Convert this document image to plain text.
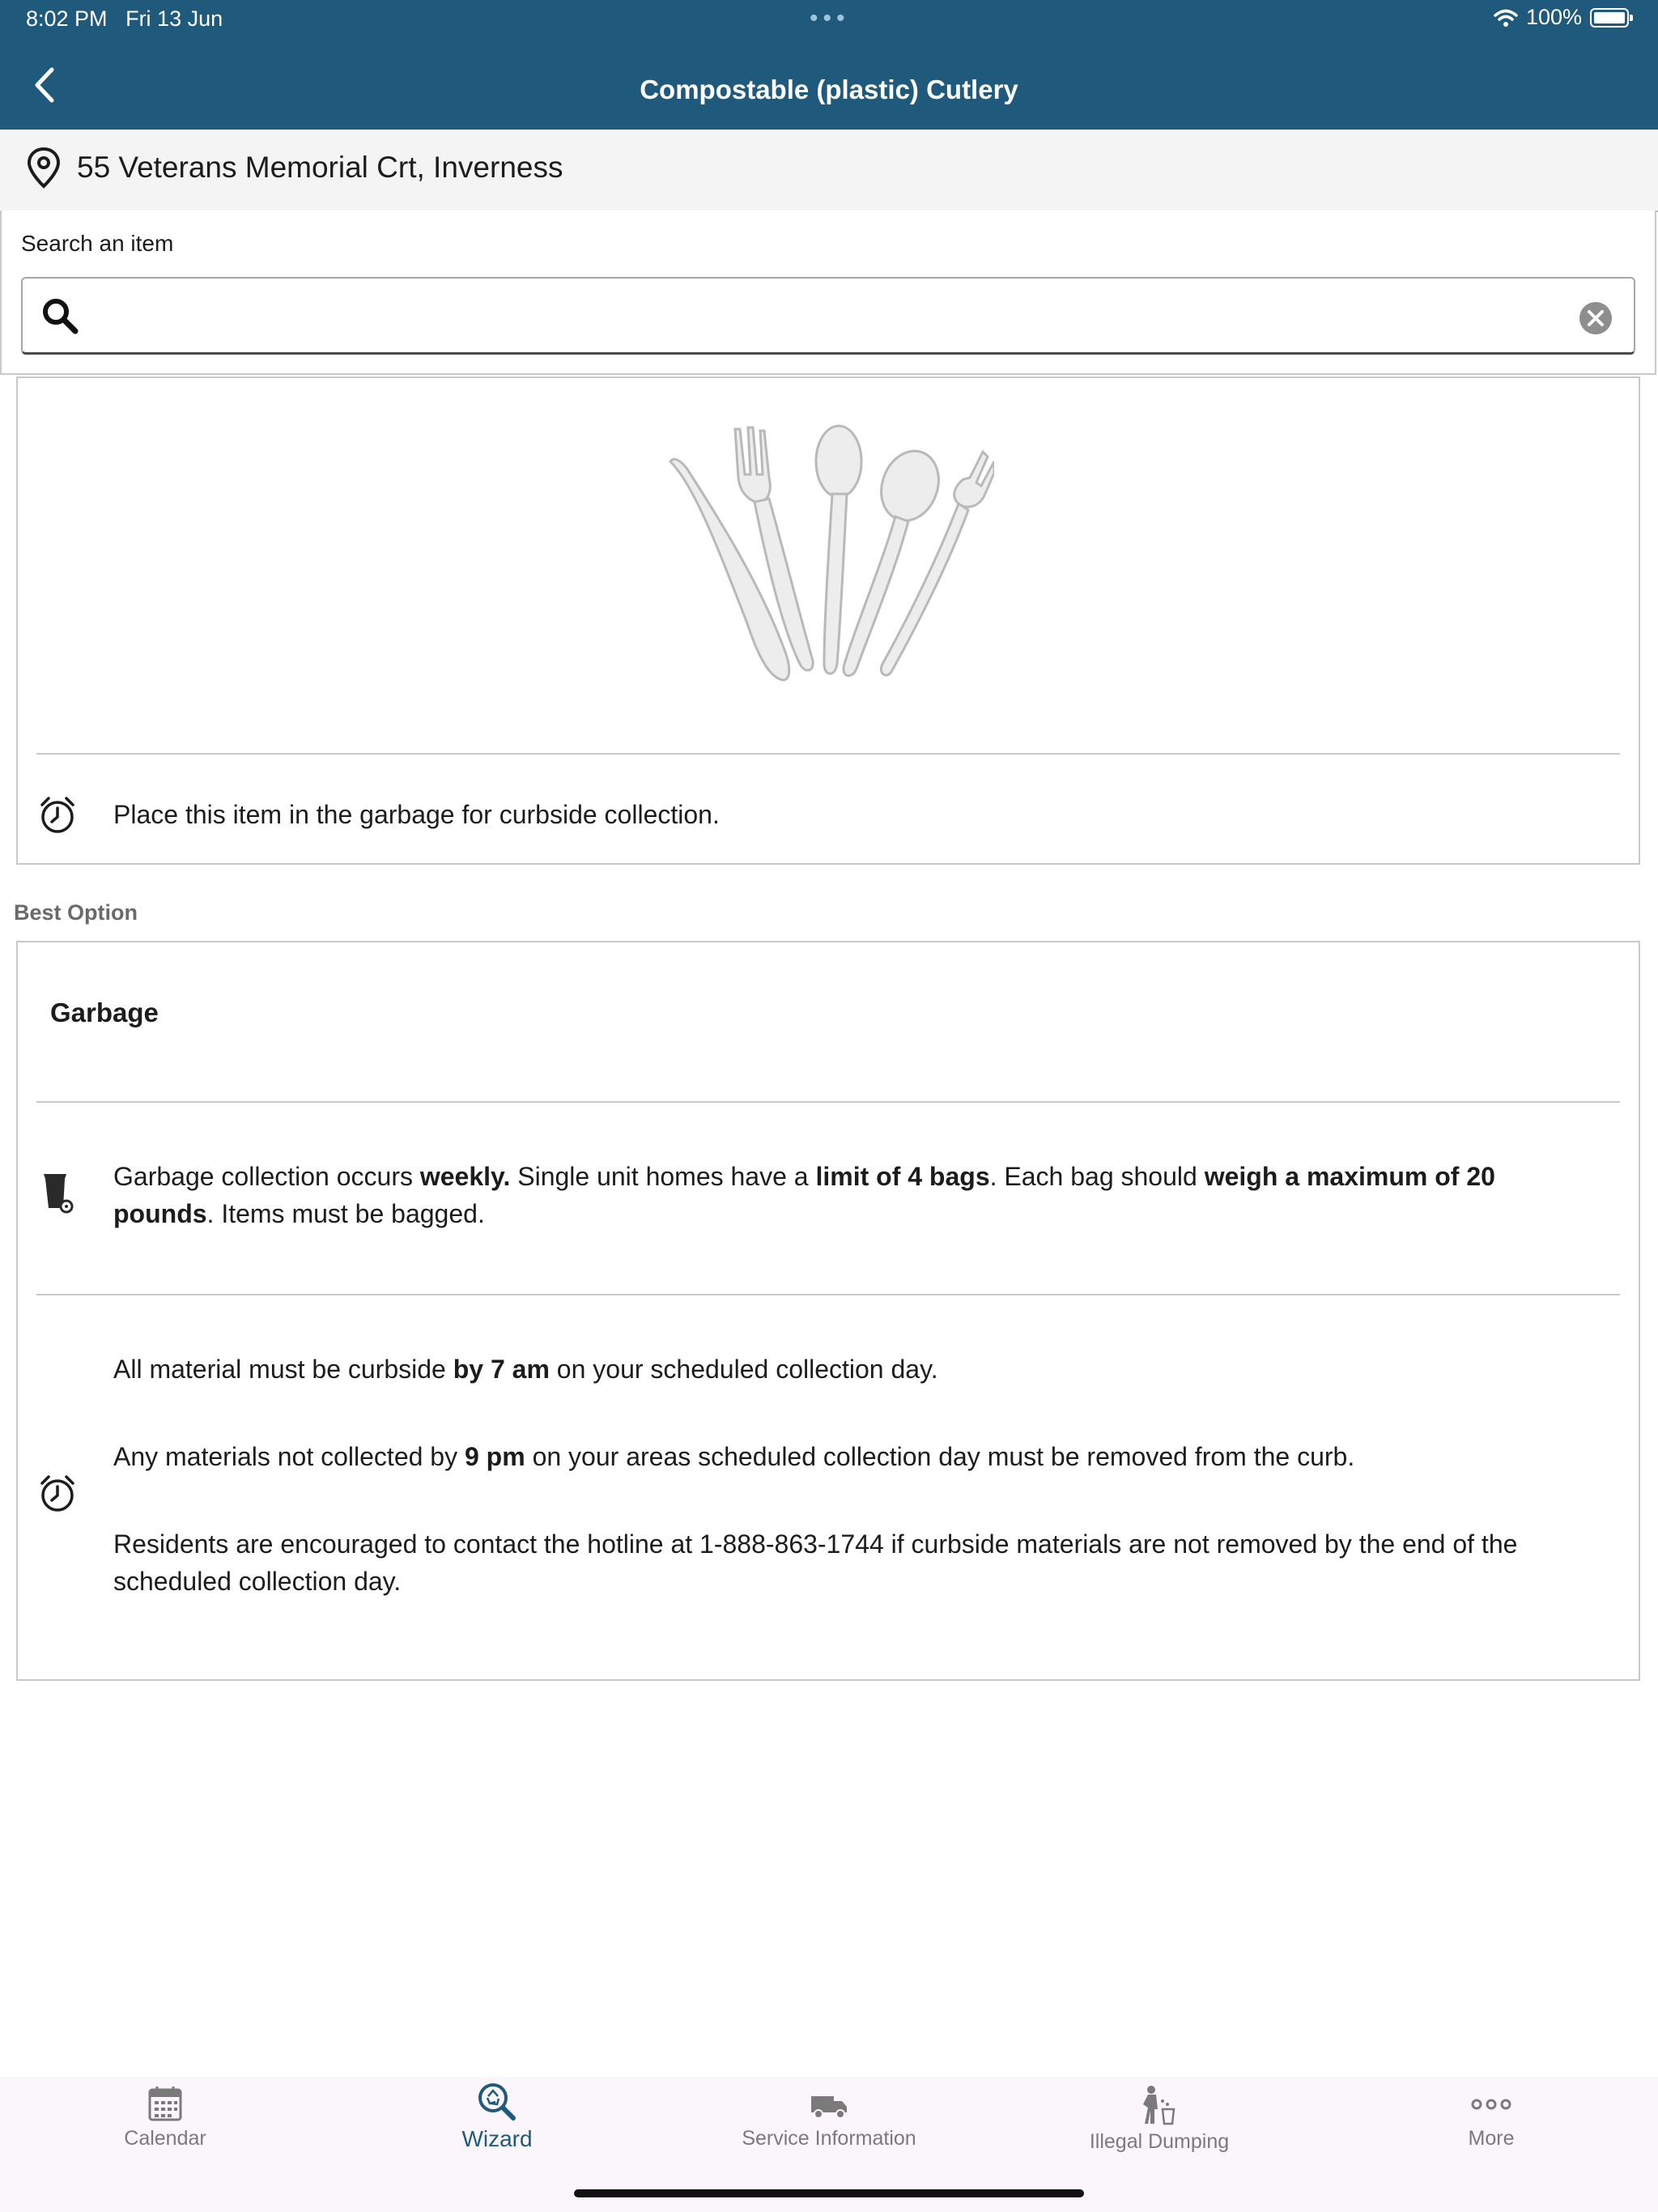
8:02 PM Fri 13 Jun	•••	100%
Compostable (plastic) Cutlery
55 Veterans Memorial Crt, Inverness
Search an item
Place this item in the garbage for curbside collection.
Best Option
Garbage
Garbage collection occurs weekly. Single unit homes have a limit of 4 bags. Each bag should weigh a maximum of 20 pounds. Items must be bagged.
All material must be curbside by 7 am on your scheduled collection day.
Any materials not collected by 9 pm on your areas scheduled collection day must be removed from the curb.
Residents are encouraged to contact the hotline at 1-888-863-1744 if curbside materials are not removed by the end of the scheduled collection day.
Calendar	Wizard	Service Information	Illegal Dumping	More
